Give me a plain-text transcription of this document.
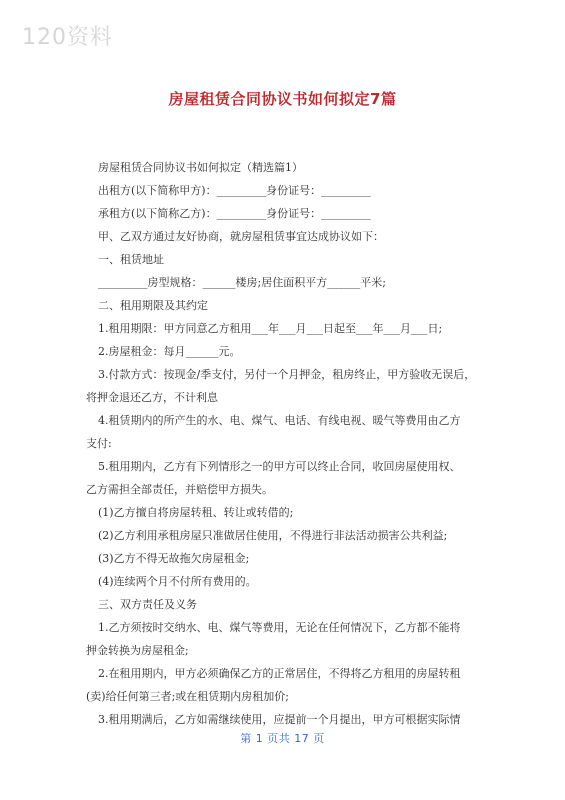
120资料
房屋租赁合同协议书如何拟定7篇
房屋租赁合同协议书如何拟定（精选篇1）
出租方(以下简称甲方)：_________身份证号：_________
承租方(以下简称乙方)：_________身份证号：_________
甲、乙双方通过友好协商，就房屋租赁事宜达成协议如下：
一、租赁地址
_________房型规格：______楼房;居住面积平方______平米;
二、租用期限及其约定
1.租用期限：甲方同意乙方租用___年___月___日起至___年___月___日;
2.房屋租金：每月______元。
3.付款方式：按现金/季支付，另付一个月押金，租房终止，甲方验收无误后，
将押金退还乙方，不计利息
4.租赁期内的所产生的水、电、煤气、电话、有线电视、暖气等费用由乙方
支付:
5.租用期内，乙方有下列情形之一的甲方可以终止合同，收回房屋使用权、
乙方需担全部责任，并赔偿甲方损失。
(1)乙方擅自将房屋转租、转让或转借的;
(2)乙方利用承租房屋只准做居住使用，不得进行非法活动损害公共利益;
(3)乙方不得无故拖欠房屋租金;
(4)连续两个月不付所有费用的。
三、双方责任及义务
1.乙方须按时交纳水、电、煤气等费用，无论在任何情况下，乙方都不能将
押金转换为房屋租金;
2.在租用期内，甲方必须确保乙方的正常居住，不得将乙方租用的房屋转租
(卖)给任何第三者;或在租赁期内房租加价;
3.租用期满后，乙方如需继续使用，应提前一个月提出，甲方可根据实际情
第 1 页共 17 页
